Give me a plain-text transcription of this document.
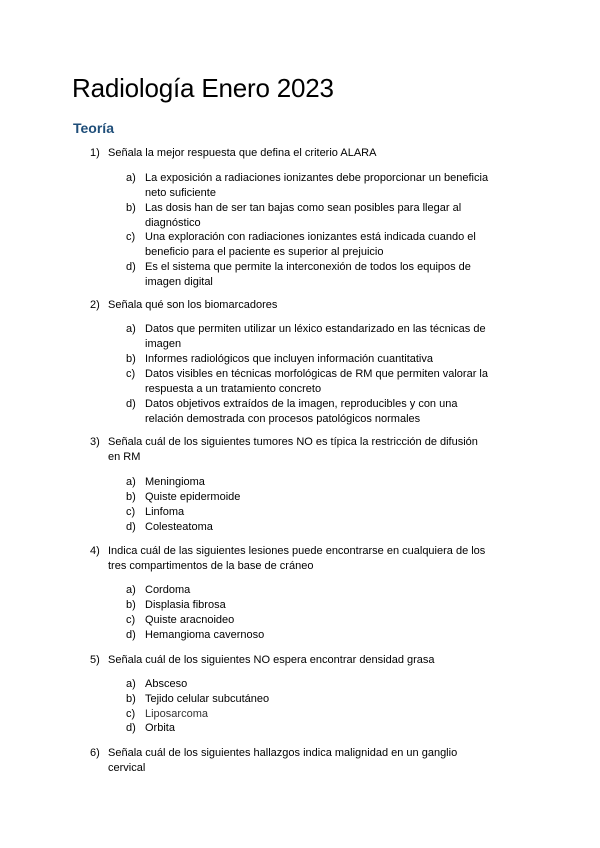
Radiología Enero 2023
Teoría
1) Señala la mejor respuesta que defina el criterio ALARA
a) La exposición a radiaciones ionizantes debe proporcionar un beneficia neto suficiente
b) Las dosis han de ser tan bajas como sean posibles para llegar al diagnóstico
c) Una exploración con radiaciones ionizantes está indicada cuando el beneficio para el paciente es superior al prejuicio
d) Es el sistema que permite la interconexión de todos los equipos de imagen digital
2) Señala qué son los biomarcadores
a) Datos que permiten utilizar un léxico estandarizado en las técnicas de imagen
b) Informes radiológicos que incluyen información cuantitativa
c) Datos visibles en técnicas morfológicas de RM que permiten valorar la respuesta a un tratamiento concreto
d) Datos objetivos extraídos de la imagen, reproducibles y con una relación demostrada con procesos patológicos normales
3) Señala cuál de los siguientes tumores NO es típica la restricción de difusión en RM
a) Meningioma
b) Quiste epidermoide
c) Linfoma
d) Colesteatoma
4) Indica cuál de las siguientes lesiones puede encontrarse en cualquiera de los tres compartimentos de la base de cráneo
a) Cordoma
b) Displasia fibrosa
c) Quiste aracnoideo
d) Hemangioma cavernoso
5) Señala cuál de los siguientes NO espera encontrar densidad grasa
a) Absceso
b) Tejido celular subcutáneo
c) Liposarcoma
d) Orbita
6) Señala cuál de los siguientes hallazgos indica malignidad en un ganglio cervical
